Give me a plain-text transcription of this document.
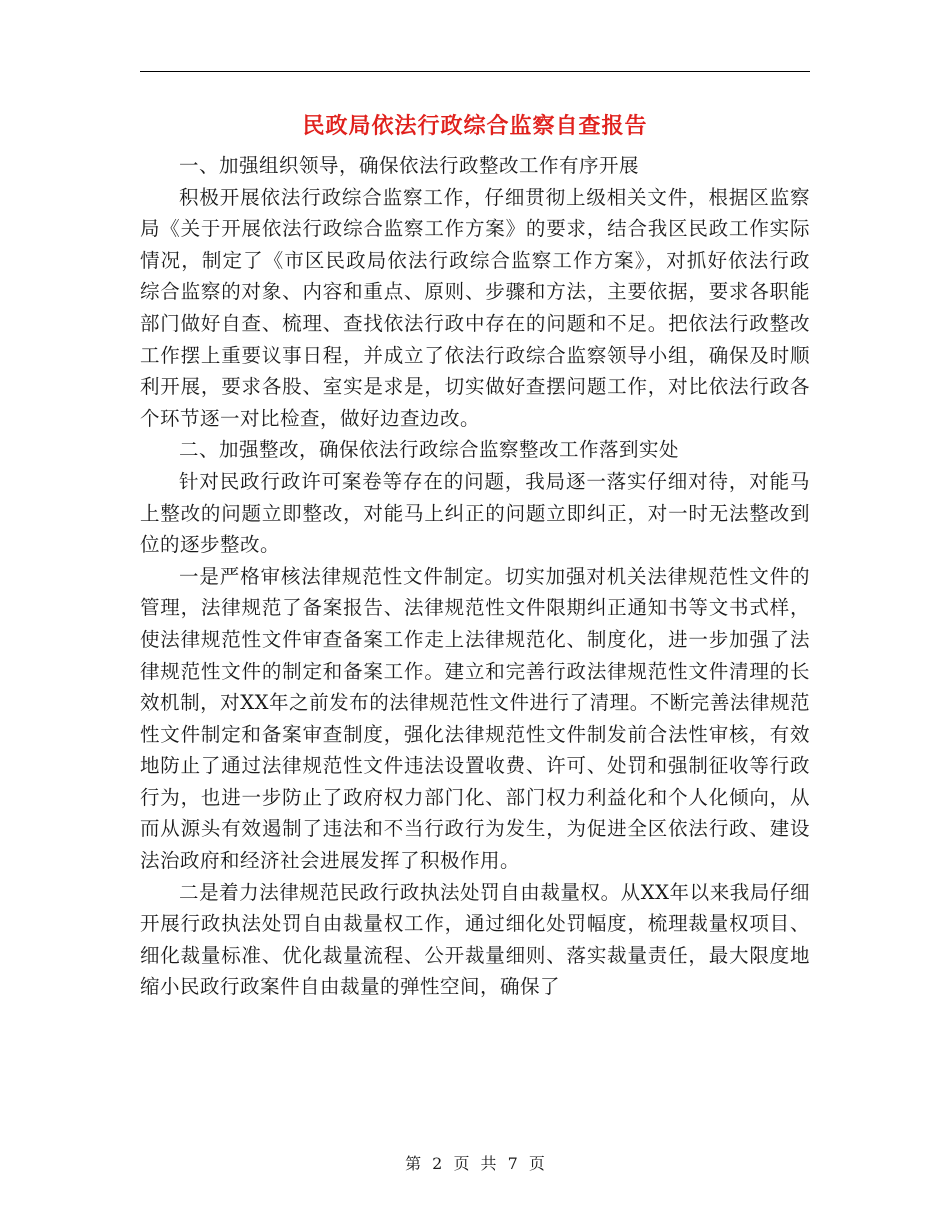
民政局依法行政综合监察自查报告

一、加强组织领导，确保依法行政整改工作有序开展

积极开展依法行政综合监察工作，仔细贯彻上级相关文件，根据区监察局《关于开展依法行政综合监察工作方案》的要求，结合我区民政工作实际情况，制定了《市区民政局依法行政综合监察工作方案》，对抓好依法行政综合监察的对象、内容和重点、原则、步骤和方法，主要依据，要求各职能部门做好自查、梳理、查找依法行政中存在的问题和不足。把依法行政整改工作摆上重要议事日程，并成立了依法行政综合监察领导小组，确保及时顺利开展，要求各股、室实是求是，切实做好查摆问题工作，对比依法行政各个环节逐一对比检查，做好边查边改。

二、加强整改，确保依法行政综合监察整改工作落到实处

针对民政行政许可案卷等存在的问题，我局逐一落实仔细对待，对能马上整改的问题立即整改，对能马上纠正的问题立即纠正，对一时无法整改到位的逐步整改。

一是严格审核法律规范性文件制定。切实加强对机关法律规范性文件的管理，法律规范了备案报告、法律规范性文件限期纠正通知书等文书式样，使法律规范性文件审查备案工作走上法律规范化、制度化，进一步加强了法律规范性文件的制定和备案工作。建立和完善行政法律规范性文件清理的长效机制，对XX年之前发布的法律规范性文件进行了清理。不断完善法律规范性文件制定和备案审查制度，强化法律规范性文件制发前合法性审核，有效地防止了通过法律规范性文件违法设置收费、许可、处罚和强制征收等行政行为，也进一步防止了政府权力部门化、部门权力利益化和个人化倾向，从而从源头有效遏制了违法和不当行政行为发生，为促进全区依法行政、建设法治政府和经济社会进展发挥了积极作用。

二是着力法律规范民政行政执法处罚自由裁量权。从XX年以来我局仔细开展行政执法处罚自由裁量权工作，通过细化处罚幅度，梳理裁量权项目、细化裁量标准、优化裁量流程、公开裁量细则、落实裁量责任，最大限度地缩小民政行政案件自由裁量的弹性空间，确保了

第 2 页 共 7 页
